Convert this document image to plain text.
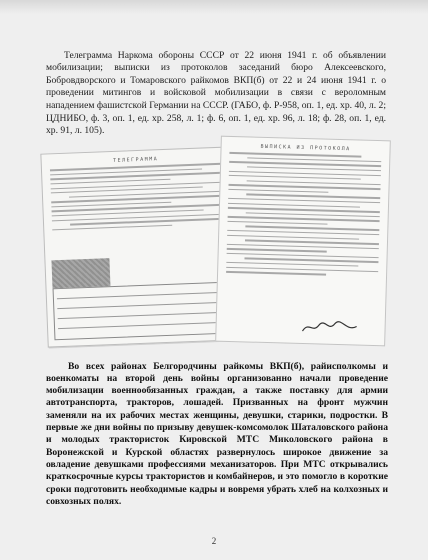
Телеграмма Наркома обороны СССР от 22 июня 1941 г. об объявлении мобилизации; выписки из протоколов заседаний бюро Алексеевского, Бобровдворского и Томаровского райкомов ВКП(б) от 22 и 24 июня 1941 г. о проведении митингов и войсковой мобилизации в связи с вероломным нападением фашистской Германии на СССР. (ГАБО, ф. Р-958, оп. 1, ед. хр. 40, л. 2; ЦДНИБО, ф. 3, оп. 1, ед. хр. 258, л. 1; ф. 6, оп. 1, ед. хр. 96, л. 18; ф. 28, оп. 1, ед. хр. 91, л. 105).

ТЕЛЕГРАММА
ВЫПИСКА ИЗ ПРОТОКОЛА

Во всех районах Белгородчины райкомы ВКП(б), райисполкомы и военкоматы на второй день войны организованно начали проведение мобилизации военнообязанных граждан, а также поставку для армии автотранспорта, тракторов, лошадей. Призванных на фронт мужчин заменяли на их рабочих местах женщины, девушки, старики, подростки. В первые же дни войны по призыву девушек-комсомолок Шаталовского района и молодых трактористок Кировской МТС Миколовского района в Воронежской и Курской областях развернулось широкое движение за овладение девушками профессиями механизаторов. При МТС открывались краткосрочные курсы трактористов и комбайнеров, и это помогло в короткие сроки подготовить необходимые кадры и вовремя убрать хлеб на колхозных и совхозных полях.

2
